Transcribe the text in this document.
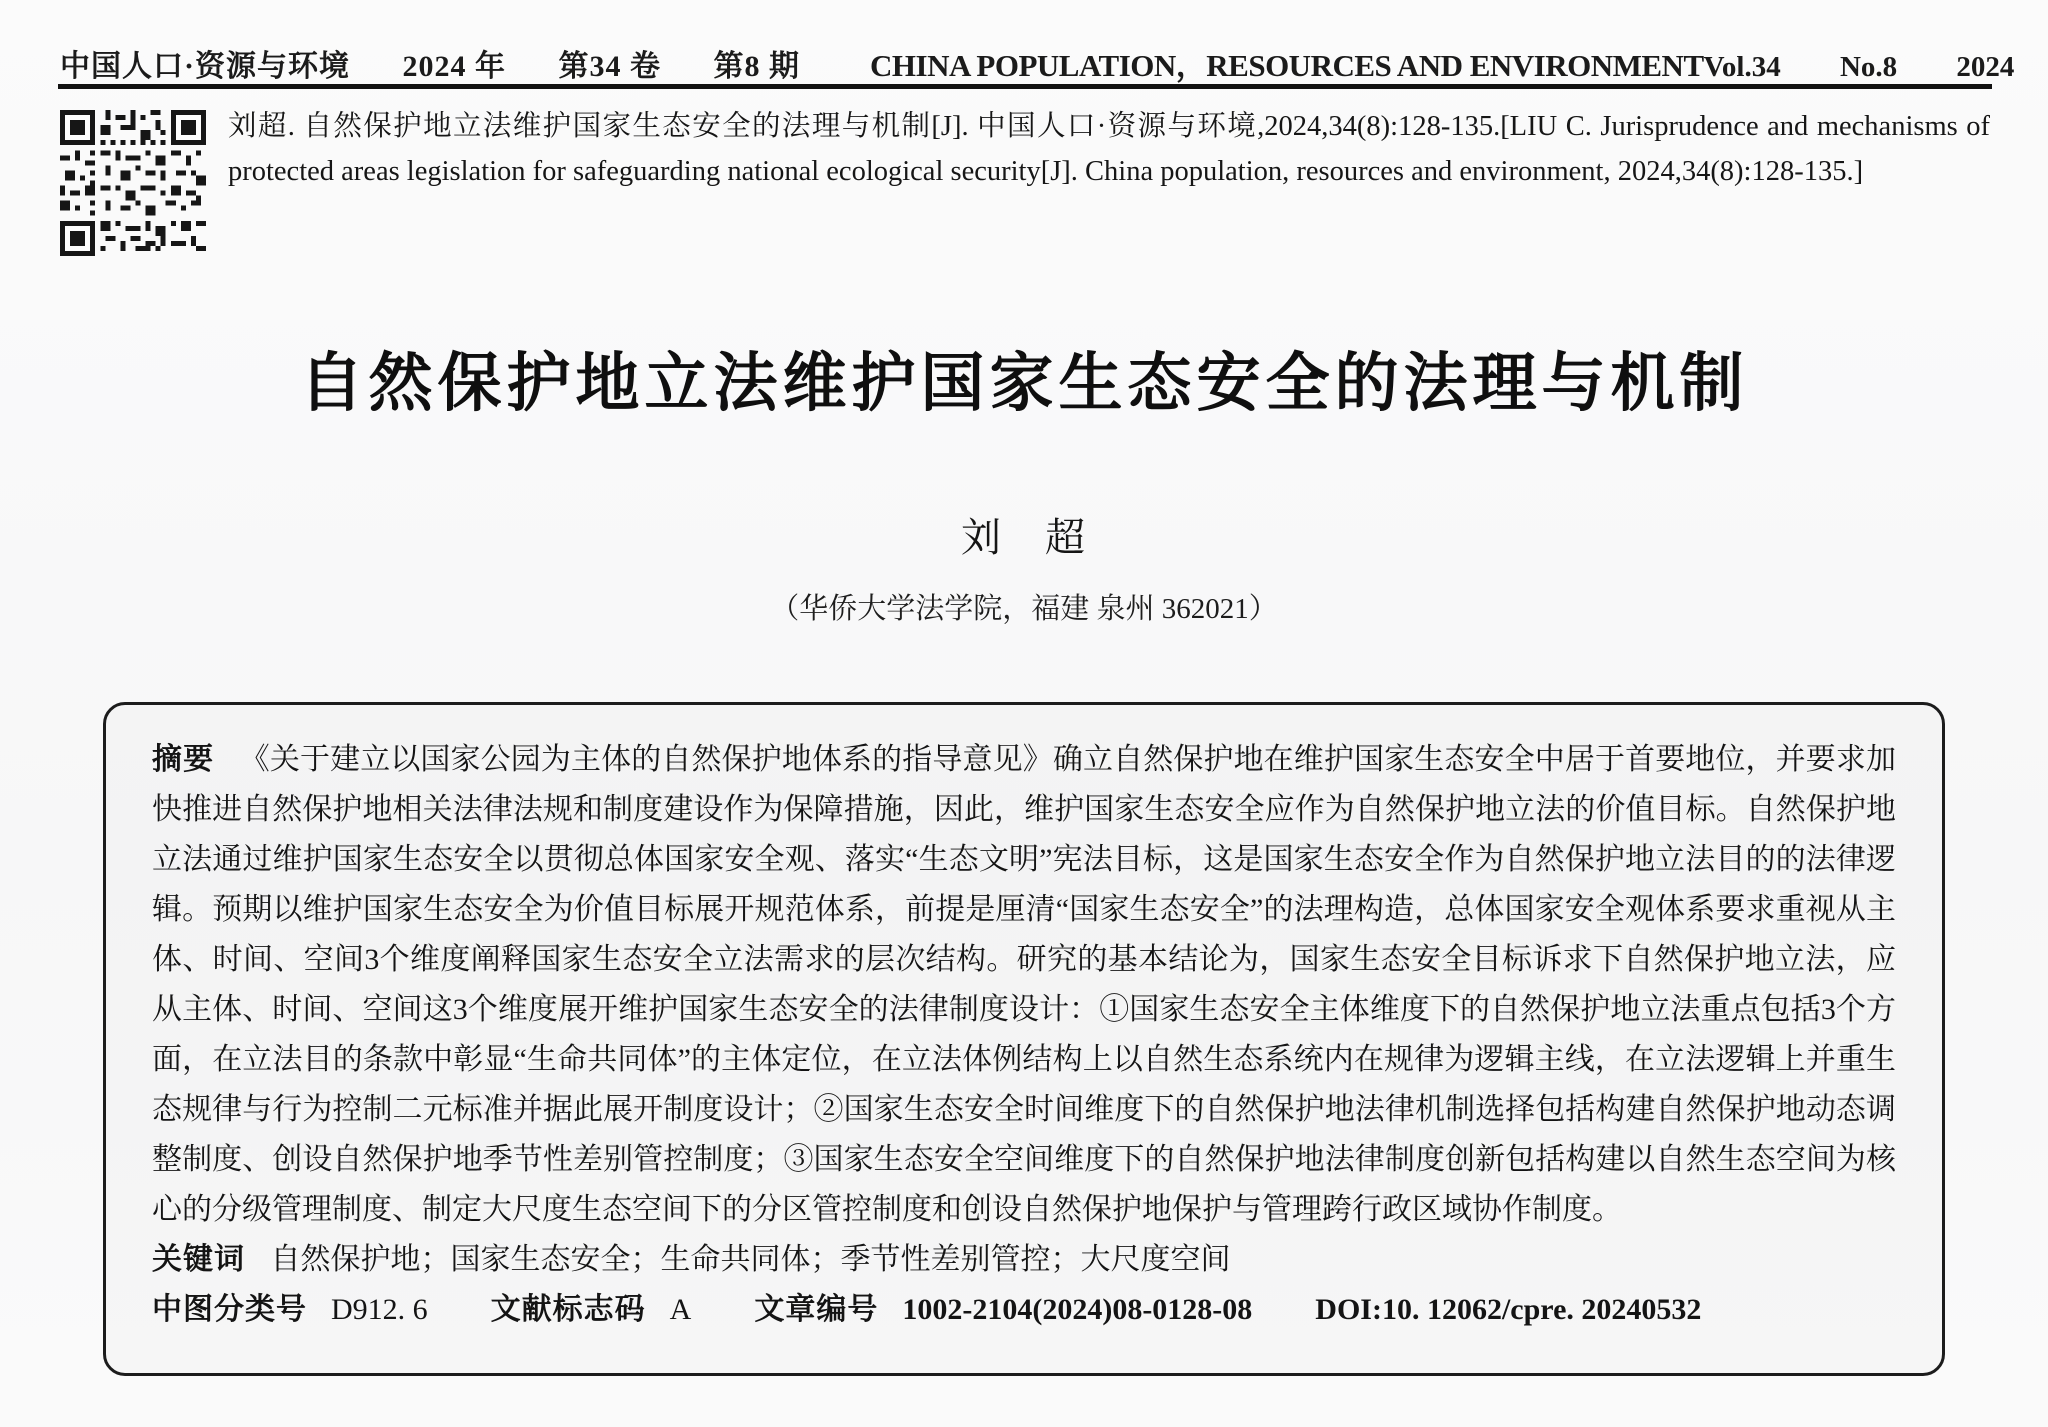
中国人口·资源与环境 2024 年 第34 卷 第8 期 CHINA POPULATION，RESOURCES AND ENVIRONMENT Vol.34 No.8 2024

刘超. 自然保护地立法维护国家生态安全的法理与机制[J]. 中国人口·资源与环境,2024,34(8):128-135.[LIU C. Jurisprudence and mechanisms of protected areas legislation for safeguarding national ecological security[J]. China population, resources and environment, 2024,34(8):128-135.]

自然保护地立法维护国家生态安全的法理与机制
刘　超
（华侨大学法学院，福建 泉州 362021）

摘要 《关于建立以国家公园为主体的自然保护地体系的指导意见》确立自然保护地在维护国家生态安全中居于首要地位，并要求加快推进自然保护地相关法律法规和制度建设作为保障措施，因此，维护国家生态安全应作为自然保护地立法的价值目标。自然保护地立法通过维护国家生态安全以贯彻总体国家安全观、落实“生态文明”宪法目标，这是国家生态安全作为自然保护地立法目的的法律逻辑。预期以维护国家生态安全为价值目标展开规范体系，前提是厘清“国家生态安全”的法理构造，总体国家安全观体系要求重视从主体、时间、空间3个维度阐释国家生态安全立法需求的层次结构。研究的基本结论为，国家生态安全目标诉求下自然保护地立法，应从主体、时间、空间这3个维度展开维护国家生态安全的法律制度设计：①国家生态安全主体维度下的自然保护地立法重点包括3个方面，在立法目的条款中彰显“生命共同体”的主体定位，在立法体例结构上以自然生态系统内在规律为逻辑主线，在立法逻辑上并重生态规律与行为控制二元标准并据此展开制度设计；②国家生态安全时间维度下的自然保护地法律机制选择包括构建自然保护地动态调整制度、创设自然保护地季节性差别管控制度；③国家生态安全空间维度下的自然保护地法律制度创新包括构建以自然生态空间为核心的分级管理制度、制定大尺度生态空间下的分区管控制度和创设自然保护地保护与管理跨行政区域协作制度。

关键词 自然保护地；国家生态安全；生命共同体；季节性差别管控；大尺度空间

中图分类号 D912. 6 文献标志码 A 文章编号 1002-2104(2024)08-0128-08 DOI:10. 12062/cpre. 20240532
